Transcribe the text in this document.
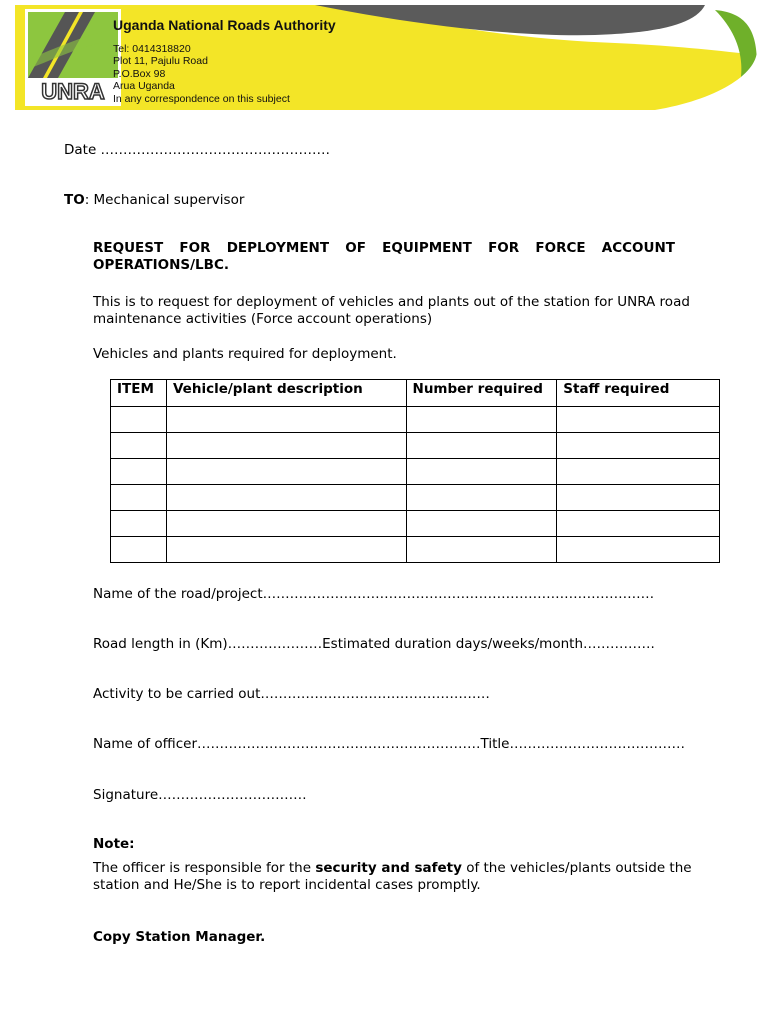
UNRA
Uganda National Roads Authority
Tel: 0414318820
Plot 11, Pajulu Road
P.O.Box 98
Arua Uganda
In any correspondence on this subject
Date ……………………………………………
TO: Mechanical supervisor
REQUEST FOR DEPLOYMENT OF EQUIPMENT FOR FORCE ACCOUNT OPERATIONS/LBC.
This is to request for deployment of vehicles and plants out of the station for UNRA road maintenance activities (Force account operations)
Vehicles and plants required for deployment.
ITEM	Vehicle/plant description	Number required	Staff required

Name of the road/project……………………………………………………………………………
Road length in (Km)…………………Estimated duration days/weeks/month…………….
Activity to be carried out……………………………………………
Name of officer………………………………………………………Title…………………………………
Signature……………………………
Note:
The officer is responsible for the security and safety of the vehicles/plants outside the station and He/She is to report incidental cases promptly.
Copy Station Manager.
